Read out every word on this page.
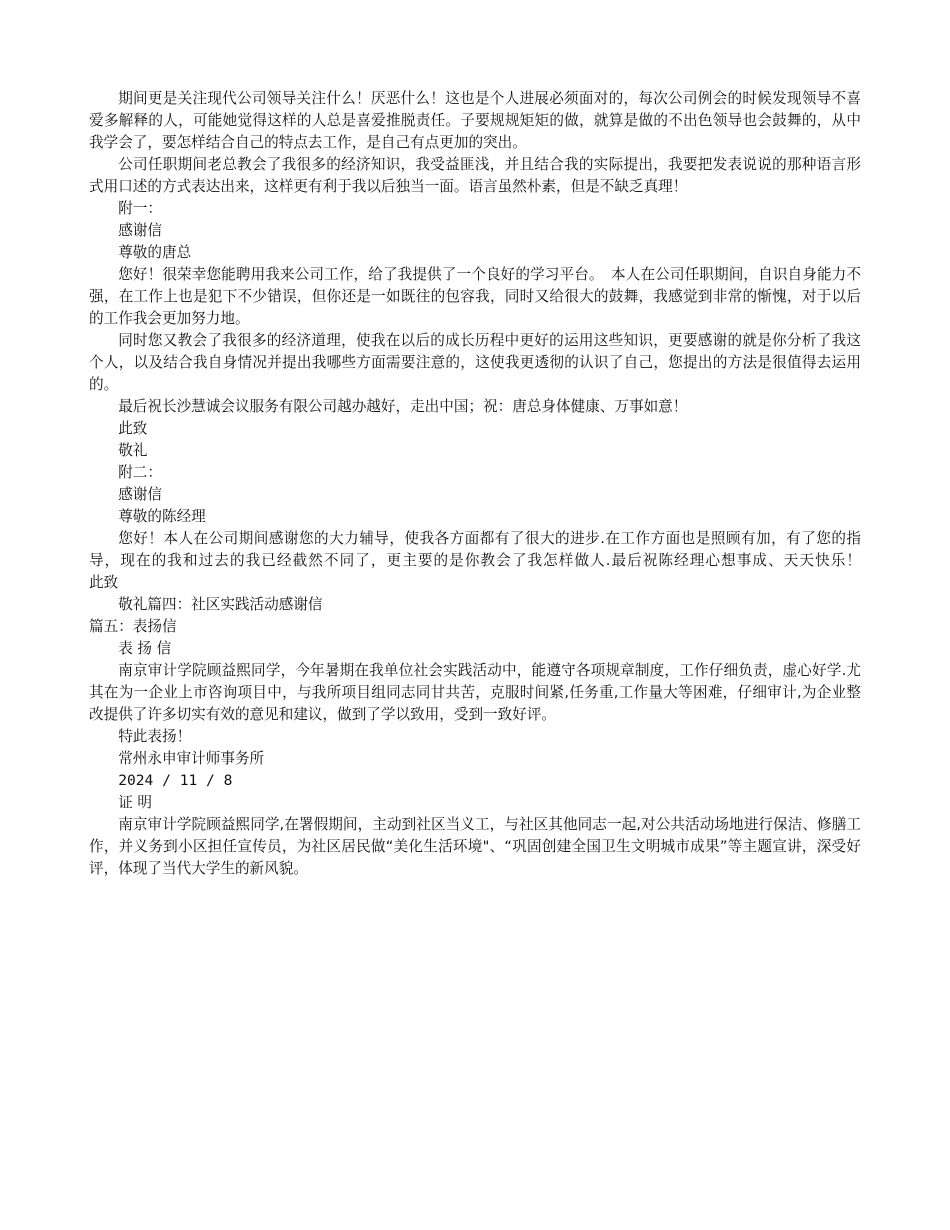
期间更是关注现代公司领导关注什么！厌恶什么！这也是个人进展必须面对的，每次公司例会的时候发现领导不喜爱多解释的人，可能她觉得这样的人总是喜爱推脱责任。子要规规矩矩的做，就算是做的不出色领导也会鼓舞的，从中我学会了，要怎样结合自己的特点去工作，是自己有点更加的突出。

公司任职期间老总教会了我很多的经济知识，我受益匪浅，并且结合我的实际提出，我要把发表说说的那种语言形式用口述的方式表达出来，这样更有利于我以后独当一面。语言虽然朴素，但是不缺乏真理！

附一：

感谢信

尊敬的唐总

您好！很荣幸您能聘用我来公司工作，给了我提供了一个良好的学习平台。　本人在公司任职期间，自识自身能力不强，在工作上也是犯下不少错误，但你还是一如既往的包容我，同时又给很大的鼓舞，我感觉到非常的惭愧，对于以后的工作我会更加努力地。

同时您又教会了我很多的经济道理，使我在以后的成长历程中更好的运用这些知识，更要感谢的就是你分析了我这个人，以及结合我自身情况并提出我哪些方面需要注意的，这使我更透彻的认识了自己，您提出的方法是很值得去运用的。

最后祝长沙慧诚会议服务有限公司越办越好，走出中国；祝：唐总身体健康、万事如意！

此致

敬礼

附二：

感谢信

尊敬的陈经理

您好！本人在公司期间感谢您的大力辅导，使我各方面都有了很大的进步.在工作方面也是照顾有加，有了您的指导，现在的我和过去的我已经截然不同了，更主要的是你教会了我怎样做人.最后祝陈经理心想事成、天天快乐！　　　　此致

敬礼篇四：社区实践活动感谢信

篇五：表扬信

表 扬 信

南京审计学院顾益熙同学，今年暑期在我单位社会实践活动中，能遵守各项规章制度，工作仔细负责，虚心好学.尤其在为一企业上市咨询项目中，与我所项目组同志同甘共苦，克服时间紧,任务重,工作量大等困难，仔细审计,为企业整改提供了许多切实有效的意见和建议，做到了学以致用，受到一致好评。

特此表扬！

常州永申审计师事务所

2024 / 11 / 8

证 明

南京审计学院顾益熙同学,在署假期间，主动到社区当义工，与社区其他同志一起,对公共活动场地进行保洁、修膳工作，并义务到小区担任宣传员，为社区居民做“美化生活环境"、“巩固创建全国卫生文明城市成果”等主题宣讲，深受好评，体现了当代大学生的新风貌。
